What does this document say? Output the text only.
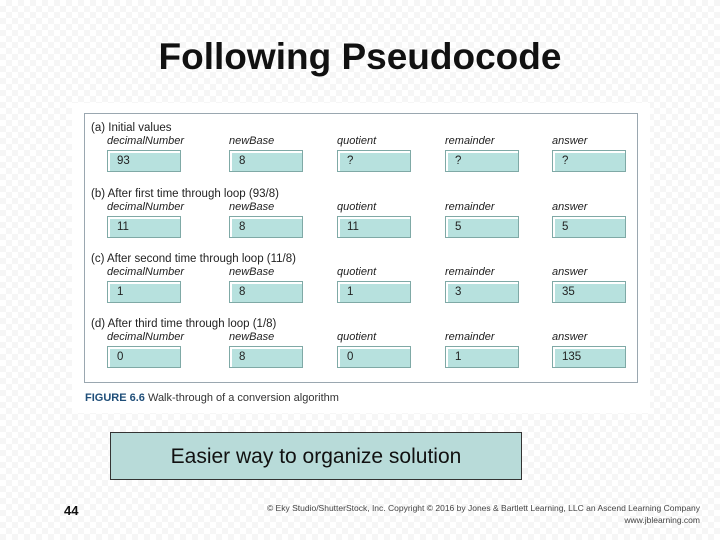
Following Pseudocode
(a) Initial values
decimalNumber	newBase	quotient	remainder	answer
93	8	?	?	?
(b) After first time through loop (93/8)
decimalNumber	newBase	quotient	remainder	answer
11	8	11	5	5
(c) After second time through loop (11/8)
decimalNumber	newBase	quotient	remainder	answer
1	8	1	3	35
(d) After third time through loop (1/8)
decimalNumber	newBase	quotient	remainder	answer
0	8	0	1	135
FIGURE 6.6 Walk-through of a conversion algorithm
Easier way to organize solution
44	© Eky Studio/ShutterStock, Inc. Copyright © 2016 by Jones & Bartlett Learning, LLC an Ascend Learning Company
www.jblearning.com
